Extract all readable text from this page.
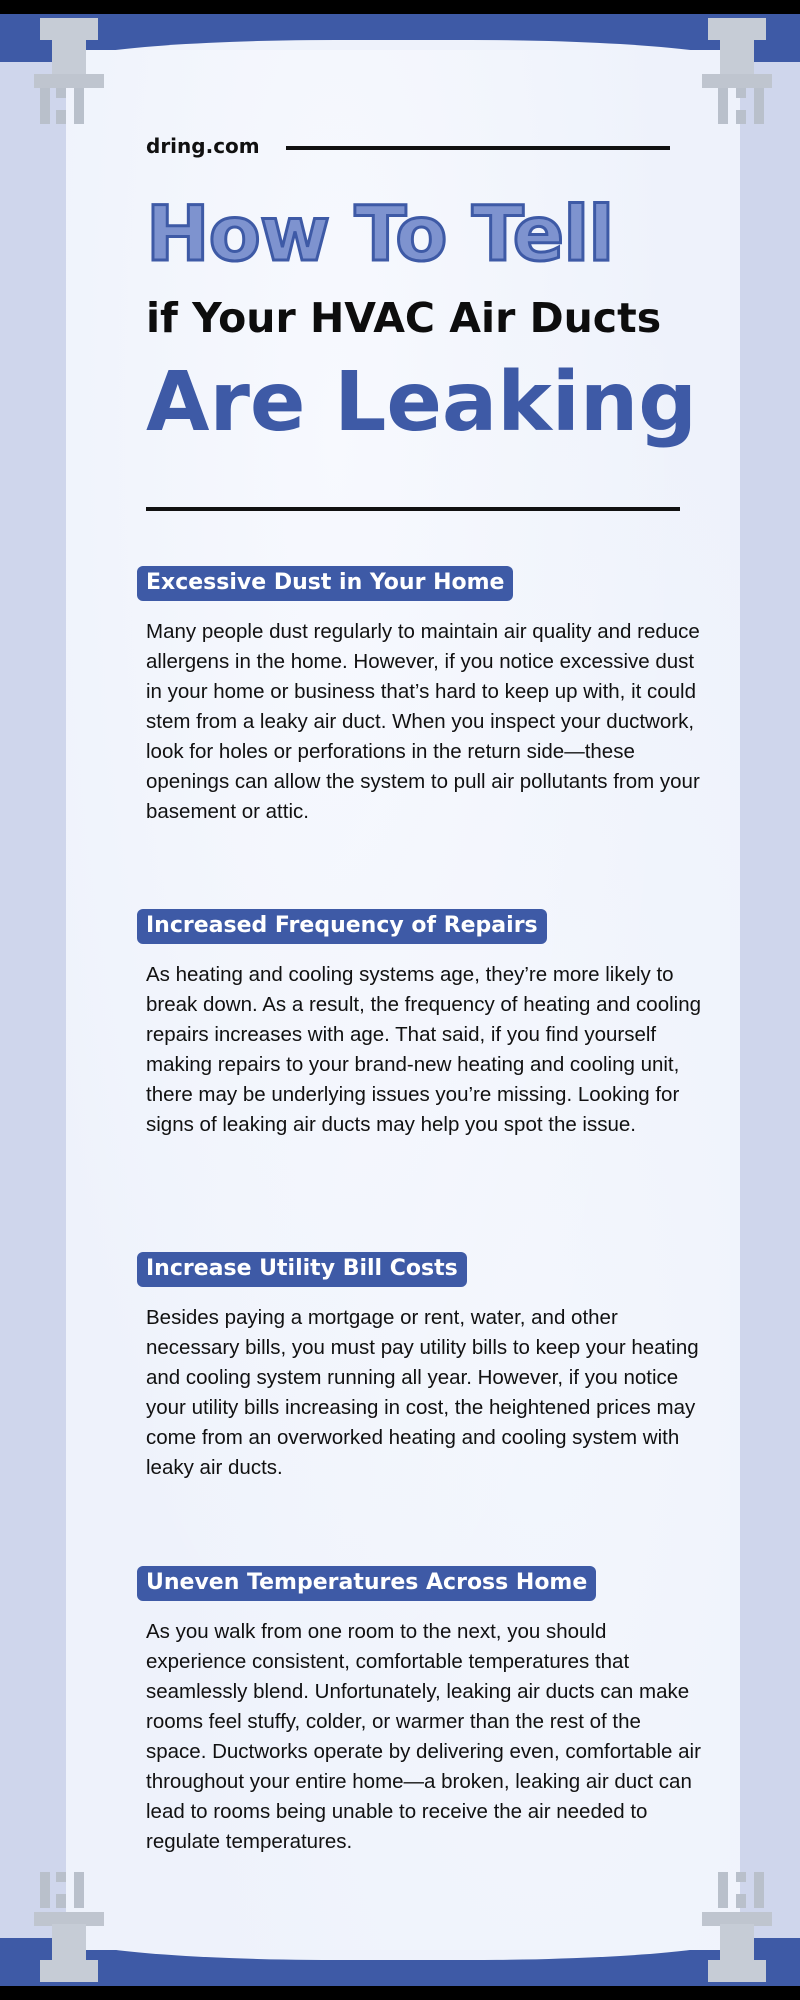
dring.com
How To Tell
if Your HVAC Air Ducts
Are Leaking
Excessive Dust in Your Home
Many people dust regularly to maintain air quality and reduce allergens in the home. However, if you notice excessive dust in your home or business that’s hard to keep up with, it could stem from a leaky air duct. When you inspect your ductwork, look for holes or perforations in the return side—these openings can allow the system to pull air pollutants from your basement or attic.
Increased Frequency of Repairs
As heating and cooling systems age, they’re more likely to break down. As a result, the frequency of heating and cooling repairs increases with age. That said, if you find yourself making repairs to your brand-new heating and cooling unit, there may be underlying issues you’re missing. Looking for signs of leaking air ducts may help you spot the issue.
Increase Utility Bill Costs
Besides paying a mortgage or rent, water, and other necessary bills, you must pay utility bills to keep your heating and cooling system running all year. However, if you notice your utility bills increasing in cost, the heightened prices may come from an overworked heating and cooling system with leaky air ducts.
Uneven Temperatures Across Home
As you walk from one room to the next, you should experience consistent, comfortable temperatures that seamlessly blend. Unfortunately, leaking air ducts can make rooms feel stuffy, colder, or warmer than the rest of the space. Ductworks operate by delivering even, comfortable air throughout your entire home—a broken, leaking air duct can lead to rooms being unable to receive the air needed to regulate temperatures.
